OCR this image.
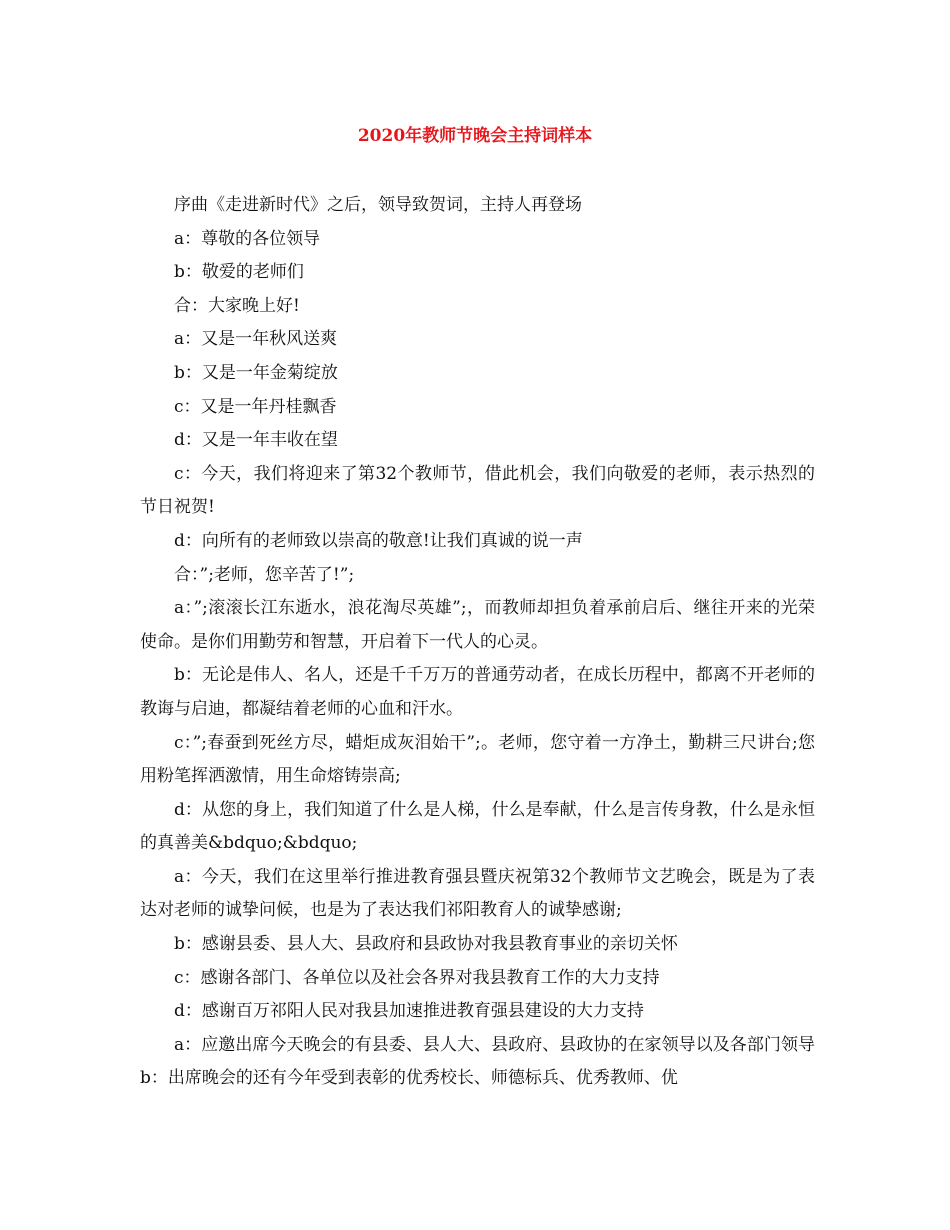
2020年教师节晚会主持词样本

序曲《走进新时代》之后，领导致贺词，主持人再登场

a：尊敬的各位领导

b：敬爱的老师们

合：大家晚上好!

a：又是一年秋风送爽

b：又是一年金菊绽放

c：又是一年丹桂飘香

d：又是一年丰收在望

c：今天，我们将迎来了第32个教师节，借此机会，我们向敬爱的老师，表示热烈的节日祝贺!

d：向所有的老师致以崇高的敬意!让我们真诚的说一声

合：”;老师，您辛苦了!”;

a：”;滚滚长江东逝水，浪花淘尽英雄”;，而教师却担负着承前启后、继往开来的光荣使命。是你们用勤劳和智慧，开启着下一代人的心灵。

b：无论是伟人、名人，还是千千万万的普通劳动者，在成长历程中，都离不开老师的教诲与启迪，都凝结着老师的心血和汗水。

c：”;春蚕到死丝方尽，蜡炬成灰泪始干”;。老师，您守着一方净土，勤耕三尺讲台;您用粉笔挥洒激情，用生命熔铸崇高;

d：从您的身上，我们知道了什么是人梯，什么是奉献，什么是言传身教，什么是永恒的真善美&bdquo;&bdquo;

a：今天，我们在这里举行推进教育强县暨庆祝第32个教师节文艺晚会，既是为了表达对老师的诚挚问候，也是为了表达我们祁阳教育人的诚挚感谢;

b：感谢县委、县人大、县政府和县政协对我县教育事业的亲切关怀

c：感谢各部门、各单位以及社会各界对我县教育工作的大力支持

d：感谢百万祁阳人民对我县加速推进教育强县建设的大力支持

a：应邀出席今天晚会的有县委、县人大、县政府、县政协的在家领导以及各部门领导 b：出席晚会的还有今年受到表彰的优秀校长、师德标兵、优秀教师、优
